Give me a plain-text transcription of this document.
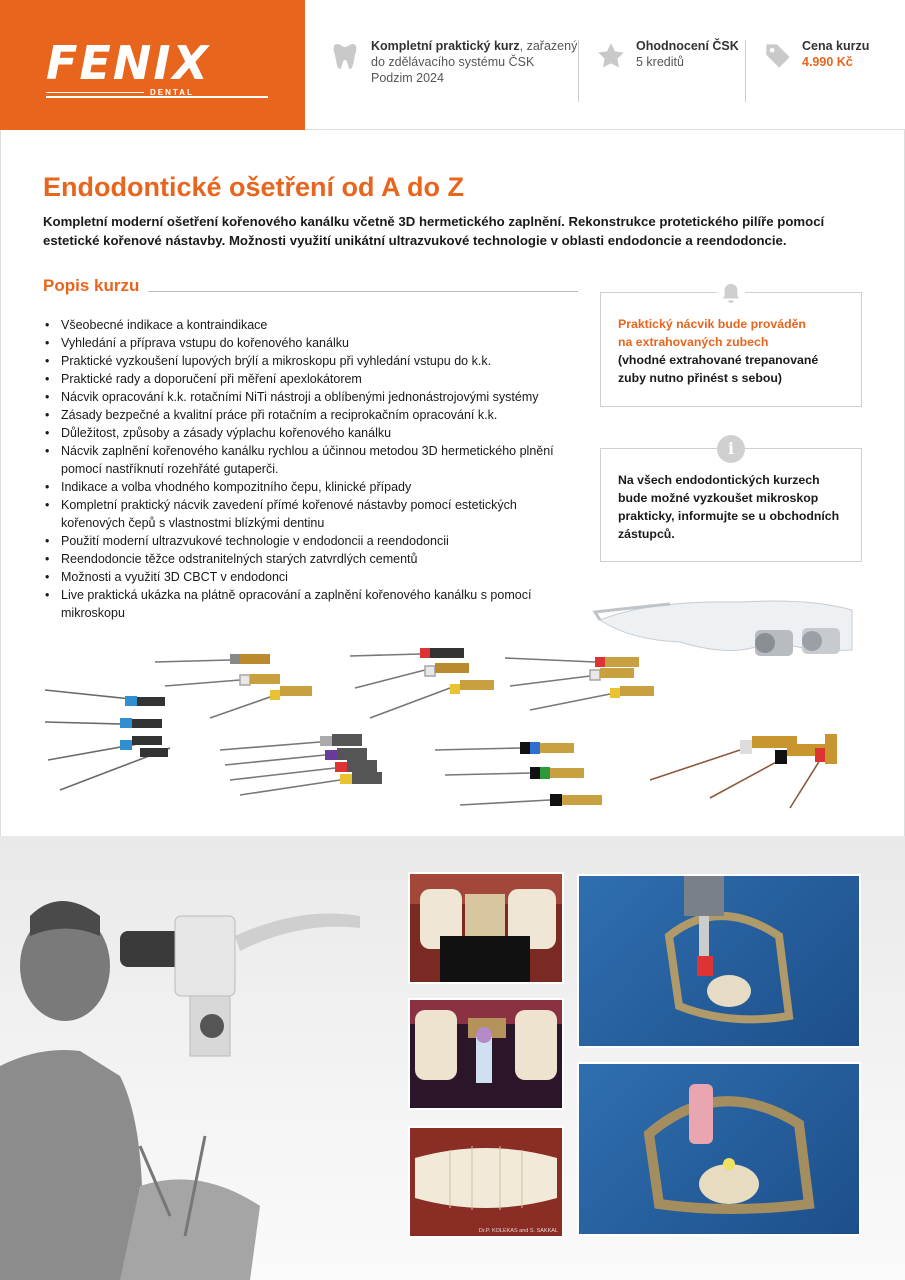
FENIX
DENTAL
Kompletní praktický kurz, zařazený
do zdělávacího systému ČSK
Podzim 2024
Ohodnocení ČSK
5 kreditů
Cena kurzu
4.990 Kč
Endodontické ošetření od A do Z

Kompletní moderní ošetření kořenového kanálku včetně 3D hermetického zaplnění. Rekonstrukce protetického pilíře pomocí estetické kořenové nástavby. Možnosti využití unikátní ultrazvukové technologie v oblasti endodoncie a reendodoncie.

Popis kurzu
• Všeobecné indikace a kontraindikace
• Vyhledání a příprava vstupu do kořenového kanálku
• Praktické vyzkoušení lupových brýlí a mikroskopu při vyhledání vstupu do k.k.
• Praktické rady a doporučení při měření apexlokátorem
• Nácvik opracování k.k. rotačními NiTi nástroji a oblíbenými jednonástrojovými systémy
• Zásady bezpečné a kvalitní práce při rotačním a reciprokačním opracování k.k.
• Důležitost, způsoby a zásady výplachu kořenového kanálku
• Nácvik zaplnění kořenového kanálku rychlou a účinnou metodou 3D hermetického plnění pomocí nastříknutí rozehřáté gutaperči.
• Indikace a volba vhodného kompozitního čepu, klinické případy
• Kompletní praktický nácvik zavedení přímé kořenové nástavby pomocí estetických kořenových čepů s vlastnostmi blízkými dentinu
• Použití moderní ultrazvukové technologie v endodoncii a reendodoncii
• Reendodoncie těžce odstranitelných starých zatvrdlých cementů
• Možnosti a využití 3D CBCT v endodonci
• Live praktická ukázka na plátně opracování a zaplnění kořenového kanálku s pomocí mikroskopu
Praktický nácvik bude prováděn
na extrahovaných zubech
(vhodné extrahované trepanované zuby nutno přinést s sebou)
i
Na všech endodontických kurzech bude možné vyzkoušet mikroskop prakticky, informujte se u obchodních zástupců.
Dr.P. KOLEKAS and S. SAKKAL
